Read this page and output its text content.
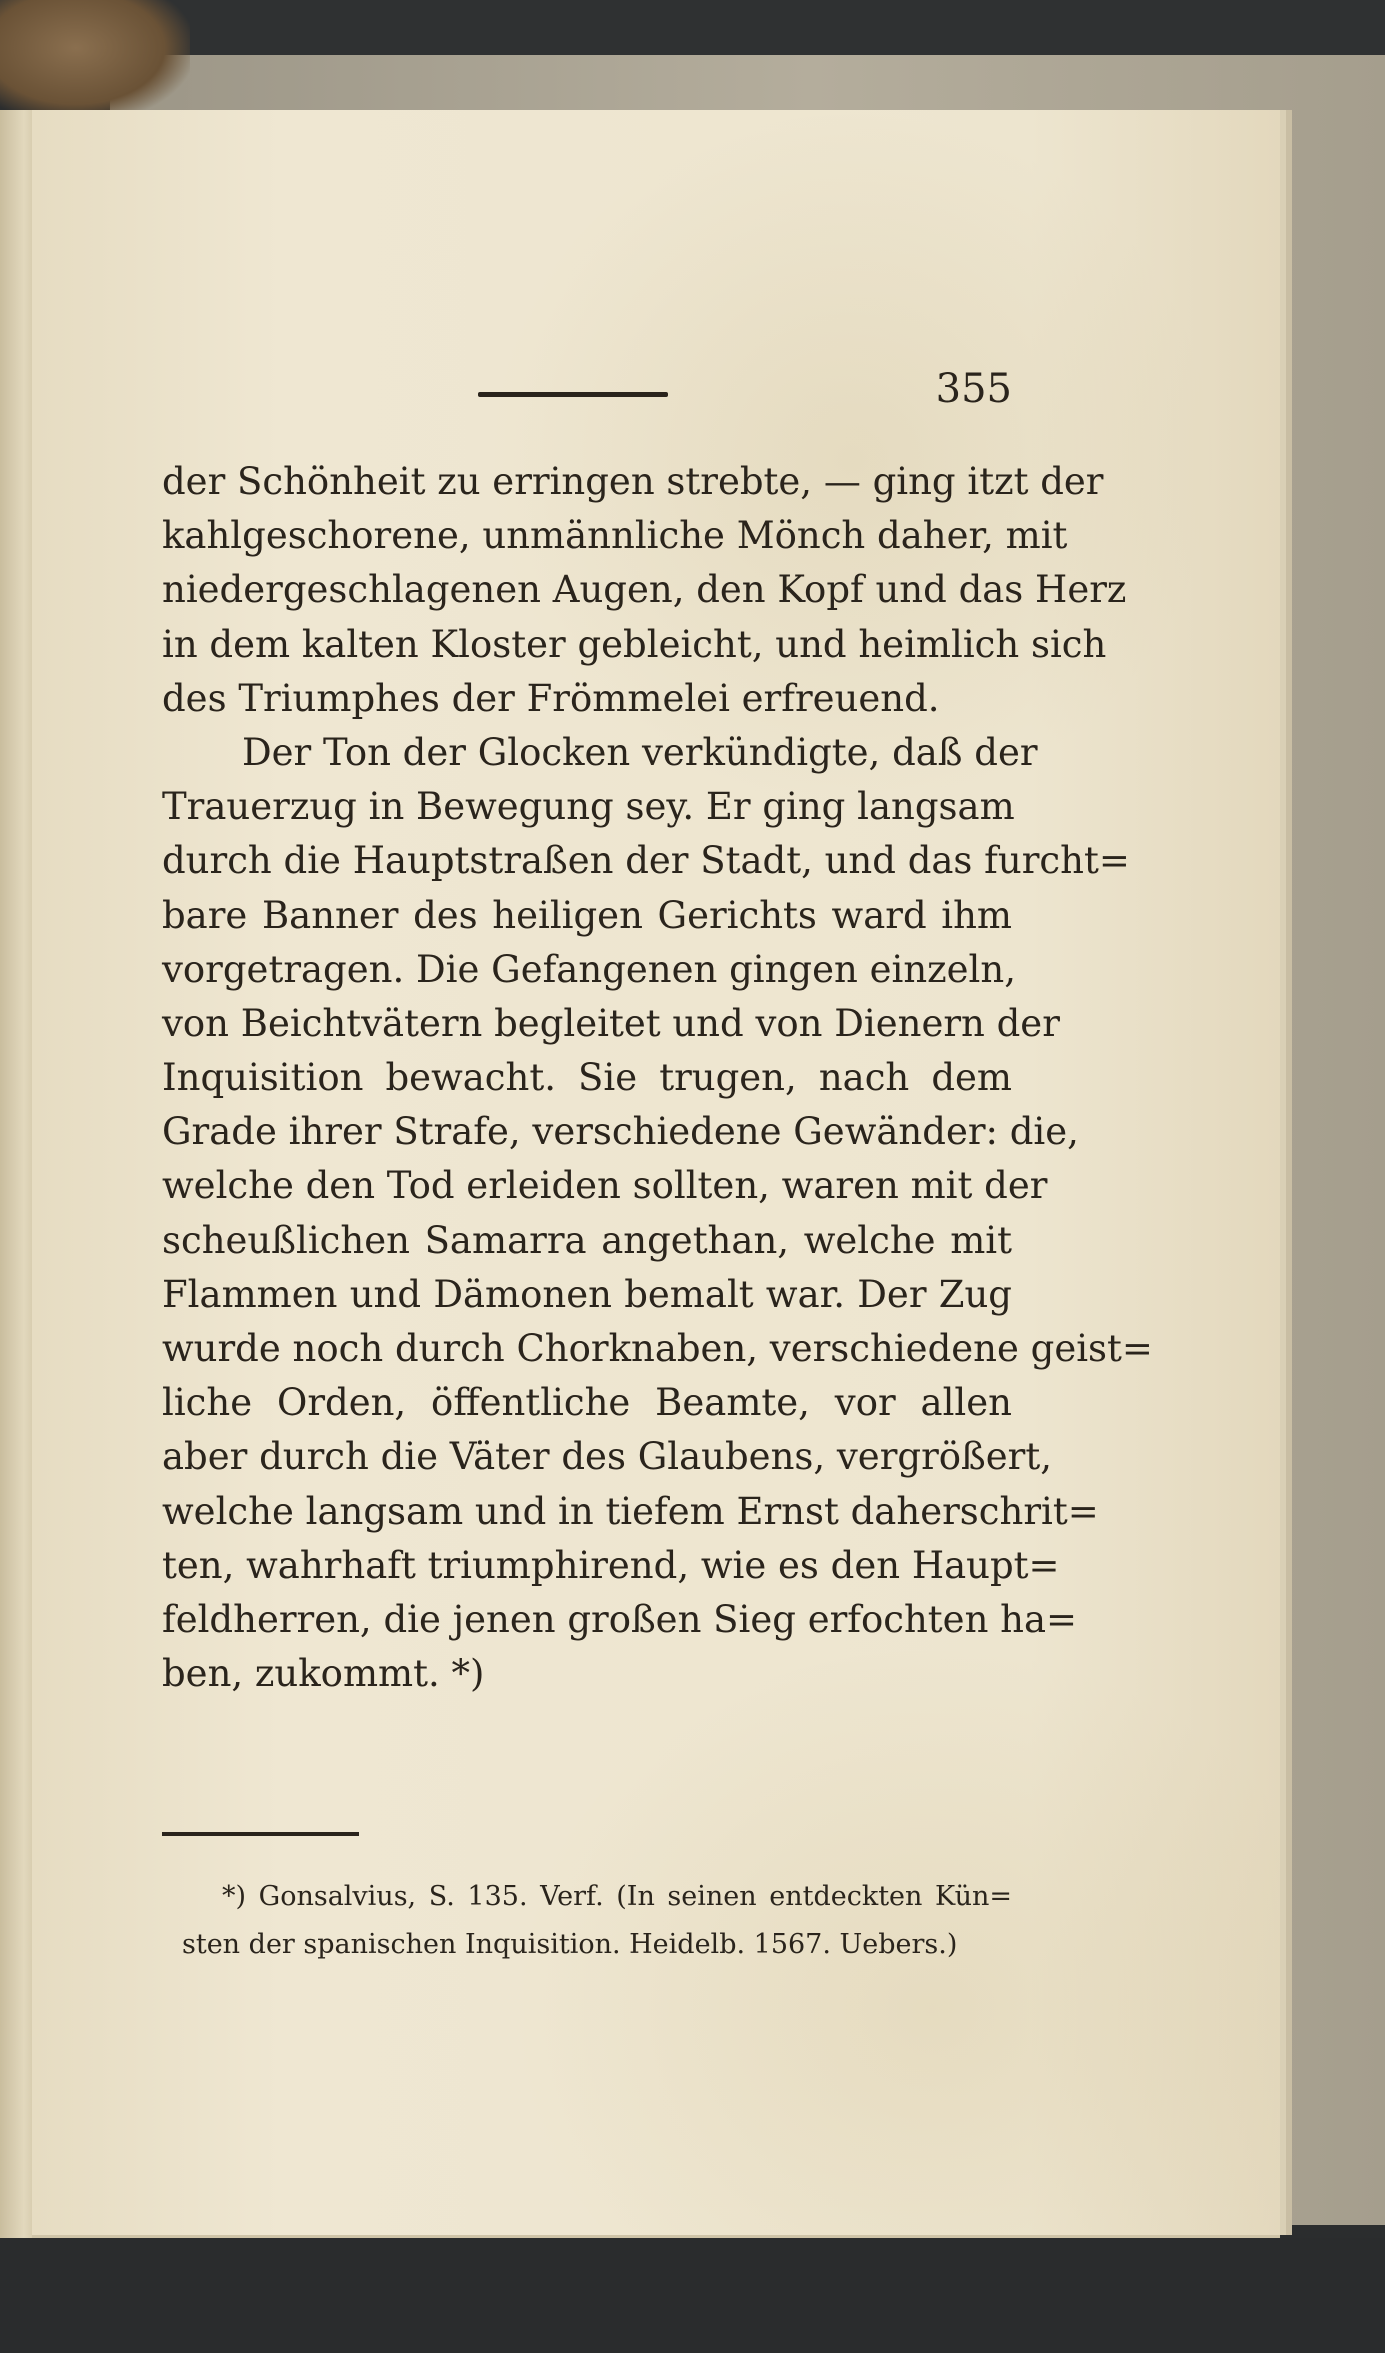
355
der Schönheit zu erringen strebte, — ging itzt der
kahlgeschorene, unmännliche Mönch daher, mit
niedergeschlagenen Augen, den Kopf und das Herz
in dem kalten Kloster gebleicht, und heimlich sich
des Triumphes der Frömmelei erfreuend.
Der Ton der Glocken verkündigte, daß der
Trauerzug in Bewegung sey. Er ging langsam
durch die Hauptstraßen der Stadt, und das furcht=
bare Banner des heiligen Gerichts ward ihm
vorgetragen. Die Gefangenen gingen einzeln,
von Beichtvätern begleitet und von Dienern der
Inquisition bewacht. Sie trugen, nach dem
Grade ihrer Strafe, verschiedene Gewänder: die,
welche den Tod erleiden sollten, waren mit der
scheußlichen Samarra angethan, welche mit
Flammen und Dämonen bemalt war. Der Zug
wurde noch durch Chorknaben, verschiedene geist=
liche Orden, öffentliche Beamte, vor allen
aber durch die Väter des Glaubens, vergrößert,
welche langsam und in tiefem Ernst daherschrit=
ten, wahrhaft triumphirend, wie es den Haupt=
feldherren, die jenen großen Sieg erfochten ha=
ben, zukommt. *)
*) Gonsalvius, S. 135. Verf. (In seinen entdeckten Kün=
sten der spanischen Inquisition. Heidelb. 1567. Uebers.)
